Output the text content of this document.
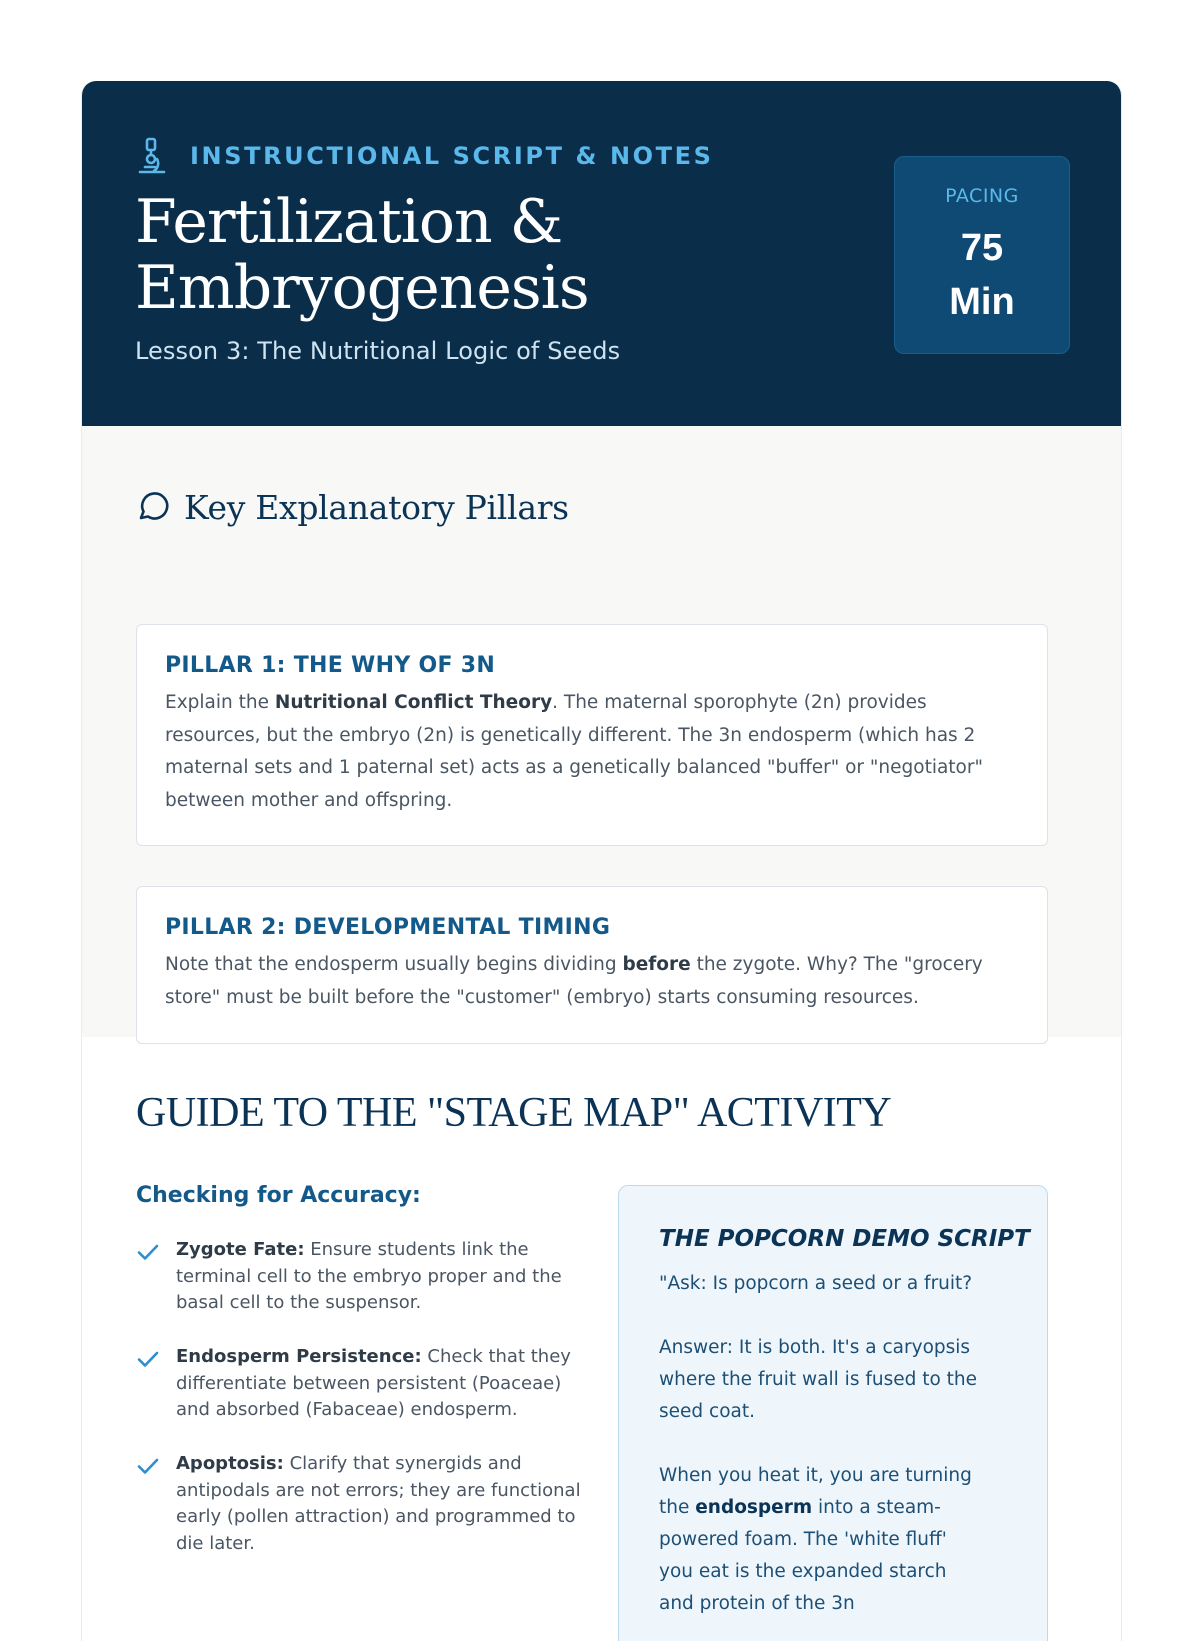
INSTRUCTIONAL SCRIPT & NOTES
Fertilization &
Embryogenesis
Lesson 3: The Nutritional Logic of Seeds
PACING
75
Min
Key Explanatory Pillars
PILLAR 1: THE WHY OF 3N
Explain the Nutritional Conflict Theory. The maternal sporophyte (2n) provides resources, but the embryo (2n) is genetically different. The 3n endosperm (which has 2 maternal sets and 1 paternal set) acts as a genetically balanced "buffer" or "negotiator" between mother and offspring.
PILLAR 2: DEVELOPMENTAL TIMING
Note that the endosperm usually begins dividing before the zygote. Why? The "grocery store" must be built before the "customer" (embryo) starts consuming resources.
GUIDE TO THE "STAGE MAP" ACTIVITY
Checking for Accuracy:
Zygote Fate: Ensure students link the terminal cell to the embryo proper and the basal cell to the suspensor.
Endosperm Persistence: Check that they differentiate between persistent (Poaceae) and absorbed (Fabaceae) endosperm.
Apoptosis: Clarify that synergids and antipodals are not errors; they are functional early (pollen attraction) and programmed to die later.
THE POPCORN DEMO SCRIPT
"Ask: Is popcorn a seed or a fruit?
Answer: It is both. It's a caryopsis where the fruit wall is fused to the seed coat.
When you heat it, you are turning the endosperm into a steam-powered foam. The 'white fluff' you eat is the expanded starch and protein of the 3n
